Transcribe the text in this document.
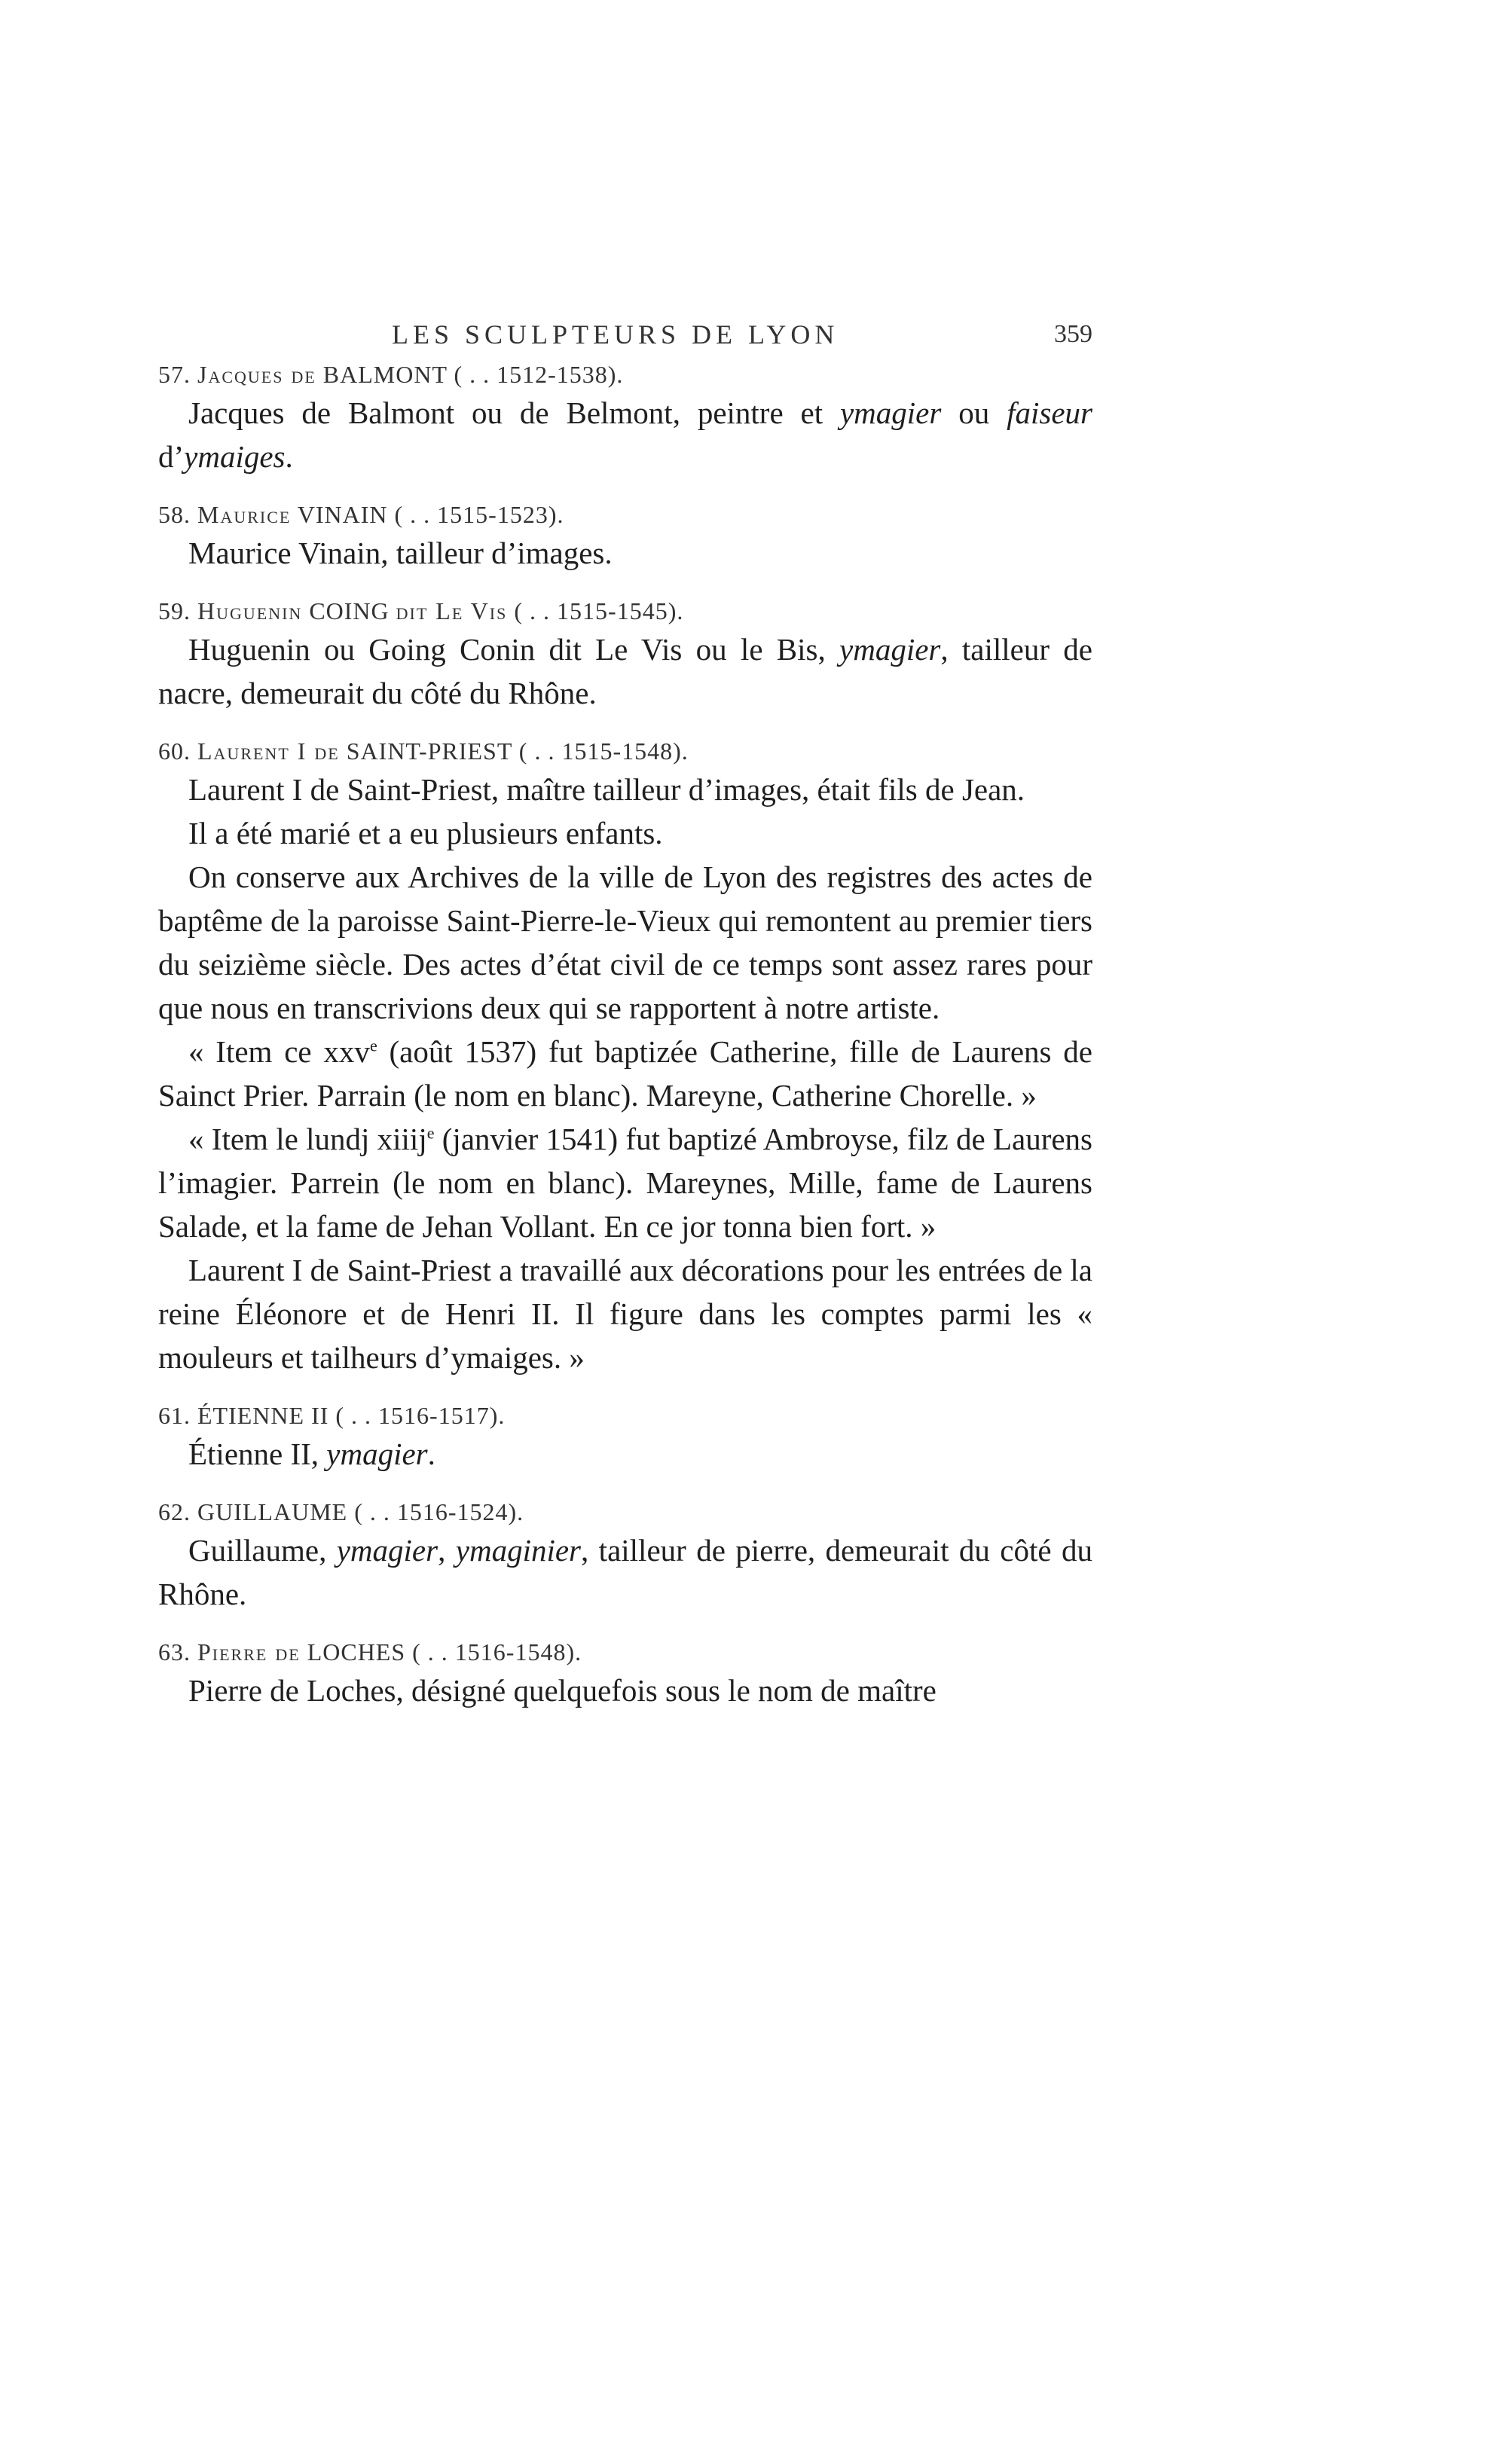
LES SCULPTEURS DE LYON	359

57. Jacques de BALMONT ( . . 1512-1538).

Jacques de Balmont ou de Belmont, peintre et ymagier ou faiseur d’ymaiges.

58. Maurice VINAIN ( . . 1515-1523).

Maurice Vinain, tailleur d’images.

59. Huguenin COING dit Le Vis ( . . 1515-1545).

Huguenin ou Going Conin dit Le Vis ou le Bis, ymagier, tailleur de nacre, demeurait du côté du Rhône.

60. Laurent I de SAINT-PRIEST ( . . 1515-1548).

Laurent I de Saint-Priest, maître tailleur d’images, était fils de Jean.

Il a été marié et a eu plusieurs enfants.

On conserve aux Archives de la ville de Lyon des registres des actes de baptême de la paroisse Saint-Pierre-le-Vieux qui remontent au premier tiers du seizième siècle. Des actes d’état civil de ce temps sont assez rares pour que nous en transcrivions deux qui se rapportent à notre artiste.

« Item ce xxv$^e$ (août 1537) fut baptizée Catherine, fille de Laurens de Sainct Prier. Parrain (le nom en blanc). Mareyne, Catherine Chorelle. »

« Item le lundj xiiij$^e$ (janvier 1541) fut baptizé Ambroyse, filz de Laurens l’imagier. Parrein (le nom en blanc). Mareynes, Mille, fame de Laurens Salade, et la fame de Jehan Vollant. En ce jor tonna bien fort. »

Laurent I de Saint-Priest a travaillé aux décorations pour les entrées de la reine Éléonore et de Henri II. Il figure dans les comptes parmi les « mouleurs et tailheurs d’ymaiges. »

61. ÉTIENNE II ( . . 1516-1517).

Étienne II, ymagier.

62. GUILLAUME ( . . 1516-1524).

Guillaume, ymagier, ymaginier, tailleur de pierre, demeurait du côté du Rhône.

63. Pierre de LOCHES ( . . 1516-1548).

Pierre de Loches, désigné quelquefois sous le nom de maître
